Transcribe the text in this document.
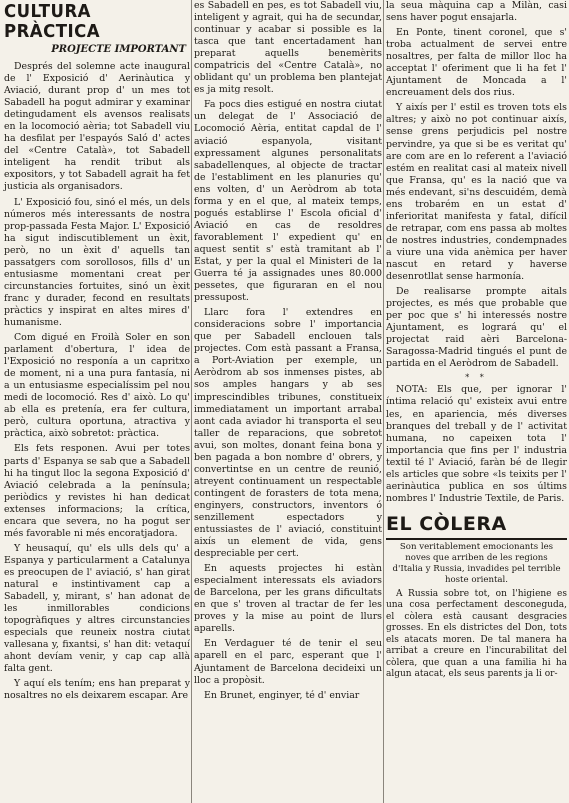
CULTURA PRÀCTICA
PROJECTE IMPORTANT

Després del solemne acte inaugural de l' Exposició d' Aerinàutica y Aviació, durant prop d' un mes tot Sabadell ha pogut admirar y examinar detingudament els avensos realisats en la locomoció aèria; tot Sabadell viu ha desfilat per l'espayós Saló d' actes del «Centre Català», tot Sabadell inteligent ha rendit tribut als expositors, y tot Sabadell agrait ha fet justicia als organisadors.

L' Exposició fou, sinó el més, un dels números més interessants de nostra prop-passada Festa Major. L' Exposició ha sigut indiscutiblement un èxit, però, no un èxit d' aquells tan passatgers com sorollosos, fills d' un entusiasme momentani creat per circunstancies fortuites, sinó un èxit franc y durader, fecond en resultats pràctics y inspirat en altes mires d' humanisme.

Com digué en Froilà Soler en son parlament d'obertura, l' idea de l'Exposició no responía a un capritxo de moment, ni a una pura fantasía, ni a un entusiasme especialíssim pel nou medi de locomoció. Res d' això. Lo qu' ab ella es pretenía, era fer cultura, però, cultura oportuna, atractiva y pràctica, això sobretot: pràctica.

Els fets responen. Avui per totes parts d' Espanya se sab que a Sabadell hi ha tingut lloc la segona Exposició d' Aviació celebrada a la península; periòdics y revistes hi han dedicat extenses informacions; la crítica, encara que severa, no ha pogut ser més favorable ni més encoratjadora.

Y heusaquí, qu' els ulls dels qu' a Espanya y particularment a Catalunya es preocupen de l' aviació, s' han girat natural e instintivament cap a Sabadell, y, mirant, s' han adonat de les inmillorables condicions topogràfiques y altres circunstancies especials que reuneix nostra ciutat vallesana y, fixantsi, s' han dit: vetaquí ahont devíam venir, y cap cap allà falta gent.

Y aquí els tením; ens han preparat y nosaltres no els deixarem escapar. Are

es Sabadell en pes, es tot Sabadell viu, inteligent y agrait, qui ha de secundar, continuar y acabar si possible es la tasca que tant encertadament han preparat aquells benemèrits compatricis del «Centre Català», no oblidant qu' un problema ben plantejat es ja mitg resolt.

Fa pocs dies estigué en nostra ciutat un delegat de l' Associació de Locomoció Aèria, entitat capdal de l' aviació espanyola, visitant expressament algunes personalitats sabadellenques, al objecte de tractar de l'establiment en les planuries qu' ens volten, d' un Aeròdrom ab tota forma y en el que, al mateix temps, pogués establirse l' Escola oficial d' Aviació en cas de resoldres favorablement l' expedient qu' en aquest sentit s' està tramitant ab l' Estat, y per la qual el Ministeri de la Guerra té ja assignades unes 80.000 pessetes, que figuraran en el nou pressupost.

Llarc fora l' extendres en consideracions sobre l' importancia que per Sabadell enclouen tals projectes. Com està passant a Fransa, a Port-Aviation per exemple, un Aeròdrom ab sos inmenses pistes, ab sos amples hangars y ab ses imprescindibles tribunes, constitueix immediatament un important arrabal aont cada aviador hi transporta el seu taller de reparacions, que sobretot avui, son moltes, donant feina bona y ben pagada a bon nombre d' obrers, y convertintse en un centre de reunió, atreyent continuament un respectable contingent de forasters de tota mena, enginyers, constructors, inventors ó senzillement espectadors y entussiastes de l' aviació, constituint aixís un element de vida, gens despreciable per cert.

En aquests projectes hi estàn especialment interessats els aviadors de Barcelona, per les grans dificultats en que s' troven al tractar de fer les proves y la mise au point de llurs aparells.

En Verdaguer té de tenir el seu aparell en el parc, esperant que l' Ajuntament de Barcelona decideixi un lloc a propòsit.

En Brunet, enginyer, té d' enviar

la seua màquina cap a Milàn, casi sens haver pogut ensajarla.

En Ponte, tinent coronel, que s' troba actualment de servei entre nosaltres, per falta de millor lloc ha acceptat l' oferiment que li ha fet l' Ajuntament de Moncada a l' encreuament dels dos rius.

Y aixís per l' estil es troven tots els altres; y això no pot continuar aixís, sense grens perjudicis pel nostre pervindre, ya que si be es veritat qu' are com are en lo referent a l'aviació estém en realitat casi al mateix nivell que Fransa, qu' es la nació que va més endevant, si'ns descuidém, demà ens trobarém en un estat d' inferioritat manifesta y fatal, difícil de retrapar, com ens passa ab moltes de nostres industries, condempnades a viure una vida anèmica per haver nascut en retard y haverse desenrotllat sense harmonía.

De realisarse prompte aitals projectes, es més que probable que per poc que s' hi interessés nostre Ajuntament, es logrará qu' el projectat raid aèri Barcelona-Saragossa-Madrid tingués el punt de partida en el Aeròdrom de Sabadell.

* *

NOTA: Els que, per ignorar l' íntima relació qu' existeix avui entre les, en apariencia, més diverses branques del treball y de l' activitat humana, no capeixen tota l' importancia que fins per l' industria textil té l' Aviació, faràn bé de llegir els articles que sobre «ls teixits per l' aerinàutica publica en sos últims nombres l' Industrie Textile, de Paris.

EL CÒLERA
Son veritablement emocionants les noves que arriben de les regions d'Italia y Russia, invadides pel terrible hoste oriental.

A Russia sobre tot, on l'higiene es una cosa perfectament desconeguda, el còlera està causant desgracies grosses. En els districtes del Don, tots els atacats moren. De tal manera ha arribat a creure en l'incurabilitat del còlera, que quan a una familia hi ha algun atacat, els seus parents ja li or-
